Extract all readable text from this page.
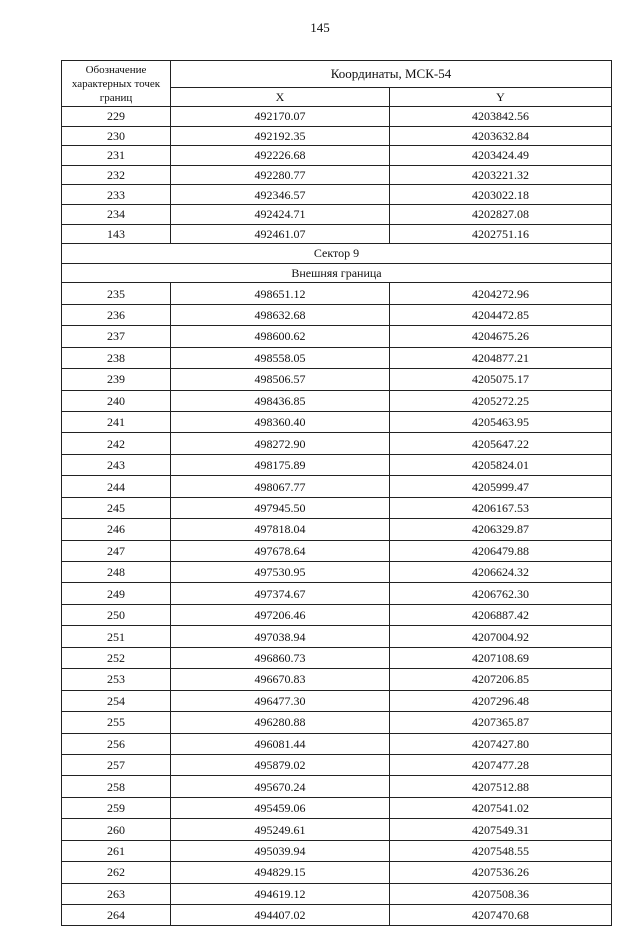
145
Обозначение характерных точек границ	Координаты, МСК-54	
	X	Y
229	492170.07	4203842.56
230	492192.35	4203632.84
231	492226.68	4203424.49
232	492280.77	4203221.32
233	492346.57	4203022.18
234	492424.71	4202827.08
143	492461.07	4202751.16
Сектор 9		
Внешняя граница		
235	498651.12	4204272.96
236	498632.68	4204472.85
237	498600.62	4204675.26
238	498558.05	4204877.21
239	498506.57	4205075.17
240	498436.85	4205272.25
241	498360.40	4205463.95
242	498272.90	4205647.22
243	498175.89	4205824.01
244	498067.77	4205999.47
245	497945.50	4206167.53
246	497818.04	4206329.87
247	497678.64	4206479.88
248	497530.95	4206624.32
249	497374.67	4206762.30
250	497206.46	4206887.42
251	497038.94	4207004.92
252	496860.73	4207108.69
253	496670.83	4207206.85
254	496477.30	4207296.48
255	496280.88	4207365.87
256	496081.44	4207427.80
257	495879.02	4207477.28
258	495670.24	4207512.88
259	495459.06	4207541.02
260	495249.61	4207549.31
261	495039.94	4207548.55
262	494829.15	4207536.26
263	494619.12	4207508.36
264	494407.02	4207470.68
